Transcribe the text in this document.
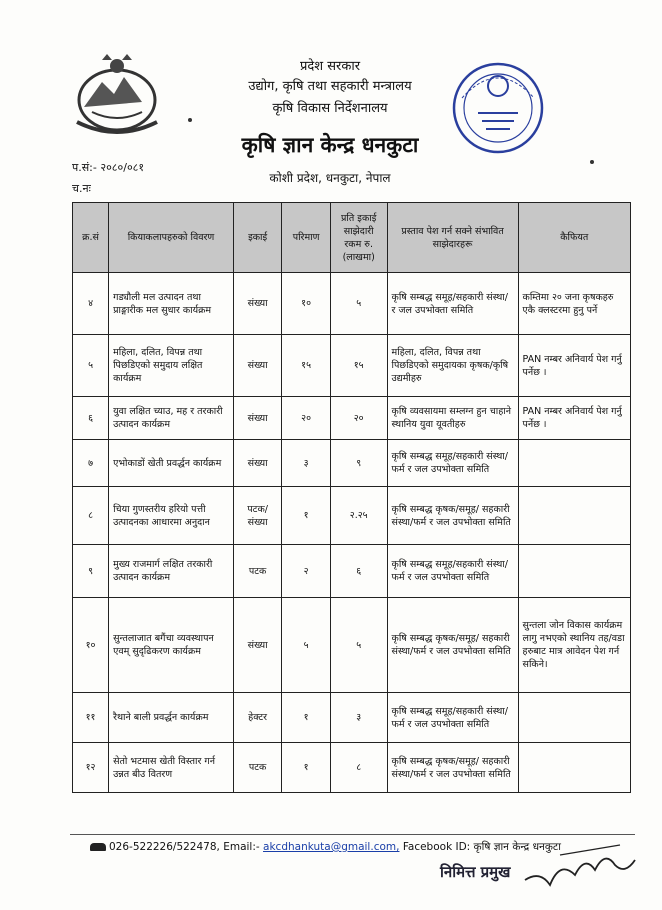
प्रदेश सरकार
उद्योग, कृषि तथा सहकारी मन्त्रालय
कृषि विकास निर्देशनालय
कृषि ज्ञान केन्द्र धनकुटा
कोशी प्रदेश, धनकुटा, नेपाल
प.सं:- २०८०/०८१
च.नः
क्र.सं	कियाकलापहरुको विवरण	इकाई	परिमाण	प्रति इकाई साझेदारी रकम रु. (लाखमा)	प्रस्ताव पेश गर्न सक्ने संभावित साझेदारहरू	कैफियत
४	गड्यौली मल उत्पादन तथा प्राङ्गारीक मल सुधार कार्यक्रम	संख्या	१०	५	कृषि सम्बद्ध समूह/सहकारी संस्था/ र जल उपभोक्ता समिति	कम्तिमा २० जना कृषकहरु एकै क्लस्टरमा हुनु पर्ने
५	महिला, दलित, विपन्न तथा पिछडिएको समुदाय लक्षित कार्यक्रम	संख्या	१५	१५	महिला, दलित, विपन्न तथा पिछडिएको समुदायका कृषक/कृषि उद्यमीहरु	PAN नम्बर अनिवार्य पेश गर्नु पर्नेछ ।
६	युवा लक्षित च्याउ, मह र तरकारी उत्पादन कार्यक्रम	संख्या	२०	२०	कृषि व्यवसायमा सम्लग्न हुन चाहाने स्थानिय युवा यूवतीहरु	PAN नम्बर अनिवार्य पेश गर्नु पर्नेछ ।
७	एभोकाडों खेती प्रवर्द्धन कार्यक्रम	संख्या	३	९	कृषि सम्बद्ध समूह/सहकारी संस्था/फर्म र जल उपभोक्ता समिति	
८	चिया गुणस्तरीय हरियो पत्ती उत्पादनका आधारमा अनुदान	पटक/ संख्या	१	२.२५	कृषि सम्बद्ध कृषक/समूह/ सहकारी संस्था/फर्म र जल उपभोक्ता समिति	
९	मुख्य राजमार्ग लक्षित तरकारी उत्पादन कार्यक्रम	पटक	२	६	कृषि सम्बद्ध समूह/सहकारी संस्था/फर्म र जल उपभोक्ता समिति	
१०	सुन्तलाजात बगैंचा व्यवस्थापन एवम् सुदृढिकरण कार्यक्रम	संख्या	५	५	कृषि सम्बद्ध कृषक/समूह/ सहकारी संस्था/फर्म र जल उपभोक्ता समिति	सुन्तला जोन विकास कार्यक्रम लागु नभएको स्थानिय तह/वडा हरुबाट मात्र आवेदन पेश गर्न सकिने।
११	रैथाने बाली प्रवर्द्धन कार्यक्रम	हेक्टर	१	३	कृषि सम्बद्ध समूह/सहकारी संस्था/फर्म र जल उपभोक्ता समिति	
१२	सेतो भटमास खेती विस्तार गर्न उन्नत बीउ वितरण	पटक	१	८	कृषि सम्बद्ध कृषक/समूह/ सहकारी संस्था/फर्म र जल उपभोक्ता समिति	
026-522226/522478, Email:- akcdhankuta@gmail.com, Facebook ID: कृषि ज्ञान केन्द्र धनकुटा
निमित्त प्रमुख
